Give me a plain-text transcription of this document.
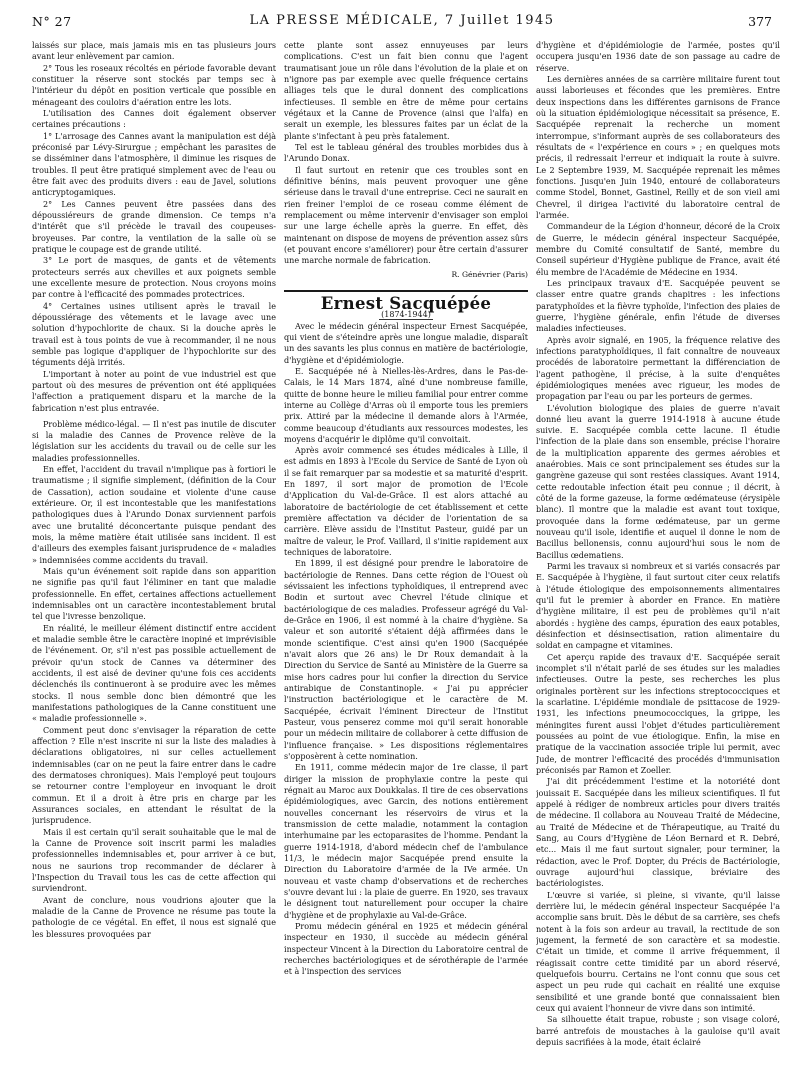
N° 27	LA PRESSE MÉDICALE, 7 Juillet 1945	377

laissés sur place, mais jamais mis en tas plusieurs jours avant leur enlèvement par camion.

2° Tous les roseaux récoltés en période favorable devant constituer la réserve sont stockés par temps sec à l'intérieur du dépôt en position verticale que possible en ménageant des couloirs d'aération entre les lots.

L'utilisation des Cannes doit également observer certaines précautions :

1° L'arrosage des Cannes avant la manipulation est déjà préconisé par Lévy-Sirurgue ; empêchant les parasites de se disséminer dans l'atmosphère, il diminue les risques de troubles. Il peut être pratiqué simplement avec de l'eau ou être fait avec des produits divers : eau de Javel, solutions anticryptogamiques.

2° Les Cannes peuvent être passées dans des dépoussiéreurs de grande dimension. Ce temps n'a d'intérêt que s'il précède le travail des coupeuses-broyeuses. Par contre, la ventilation de la salle où se pratique le coupage est de grande utilité.

3° Le port de masques, de gants et de vêtements protecteurs serrés aux chevilles et aux poignets semble une excellente mesure de protection. Nous croyons moins par contre à l'efficacité des pommades protectrices.

4° Certaines usines utilisent après le travail le dépoussiérage des vêtements et le lavage avec une solution d'hypochlorite de chaux. Si la douche après le travail est à tous points de vue à recommander, il ne nous semble pas logique d'appliquer de l'hypochlorite sur des téguments déjà irrités.

L'important à noter au point de vue industriel est que partout où des mesures de prévention ont été appliquées l'affection a pratiquement disparu et la marche de la fabrication n'est plus entravée.

Problème médico-légal. — Il n'est pas inutile de discuter si la maladie des Cannes de Provence relève de la législation sur les accidents du travail ou de celle sur les maladies professionnelles.

En effet, l'accident du travail n'implique pas à fortiori le traumatisme ; il signifie simplement, (définition de la Cour de Cassation), action soudaine et violente d'une cause extérieure. Or, il est incontestable que les manifestations pathologiques dues à l'Arundo Donax surviennent parfois avec une brutalité déconcertante puisque pendant des mois, la même matière était utilisée sans incident. Il est d'ailleurs des exemples faisant jurisprudence de « maladies » indemnisées comme accidents du travail.

Mais qu'un événement soit rapide dans son apparition ne signifie pas qu'il faut l'éliminer en tant que maladie professionnelle. En effet, certaines affections actuellement indemnisables ont un caractère incontestablement brutal tel que l'ivresse benzolique.

En réalité, le meilleur élément distinctif entre accident et maladie semble être le caractère inopiné et imprévisible de l'événement. Or, s'il n'est pas possible actuellement de prévoir qu'un stock de Cannes va déterminer des accidents, il est aisé de deviner qu'une fois ces accidents déclenchés ils continueront à se produire avec les mêmes stocks. Il nous semble donc bien démontré que les manifestations pathologiques de la Canne constituent une « maladie professionnelle ».

Comment peut donc s'envisager la réparation de cette affection ? Elle n'est inscrite ni sur la liste des maladies à déclarations obligatoires, ni sur celles actuellement indemnisables (car on ne peut la faire entrer dans le cadre des dermatoses chroniques). Mais l'employé peut toujours se retourner contre l'employeur en invoquant le droit commun. Et il a droit à être pris en charge par les Assurances sociales, en attendant le résultat de la jurisprudence.

Mais il est certain qu'il serait souhaitable que le mal de la Canne de Provence soit inscrit parmi les maladies professionnelles indemnisables et, pour arriver à ce but, nous ne saurions trop recommander de déclarer à l'Inspection du Travail tous les cas de cette affection qui surviendront.

Avant de conclure, nous voudrions ajouter que la maladie de la Canne de Provence ne résume pas toute la pathologie de ce végétal. En effet, il nous est signalé que les blessures provoquées par

cette plante sont assez ennuyeuses par leurs complications. C'est un fait bien connu que l'agent traumatisant joue un rôle dans l'évolution de la plaie et on n'ignore pas par exemple avec quelle fréquence certains alliages tels que le dural donnent des complications infectieuses. Il semble en être de même pour certains végétaux et la Canne de Provence (ainsi que l'alfa) en serait un exemple, les blessures faites par un éclat de la plante s'infectant à peu près fatalement.

Tel est le tableau général des troubles morbides dus à l'Arundo Donax.

Il faut surtout en retenir que ces troubles sont en définitive bénins, mais peuvent provoquer une gêne sérieuse dans le travail d'une entreprise. Ceci ne saurait en rien freiner l'emploi de ce roseau comme élément de remplacement ou même intervenir d'envisager son emploi sur une large échelle après la guerre. En effet, dès maintenant on dispose de moyens de prévention assez sûrs (et pouvant encore s'améliorer) pour être certain d'assurer une marche normale de fabrication.

R. Génévrier (Paris)

Ernest Sacquépée

(1874-1944)

Avec le médecin général inspecteur Ernest Sacquépée, qui vient de s'éteindre après une longue maladie, disparaît un des savants les plus connus en matière de bactériologie, d'hygiène et d'épidémiologie.

E. Sacquépée né à Nielles-lès-Ardres, dans le Pas-de-Calais, le 14 Mars 1874, aîné d'une nombreuse famille, quitte de bonne heure le milieu familial pour entrer comme interne au Collège d'Arras où il emporte tous les premiers prix. Attiré par la médecine il demande alors à l'Armée, comme beaucoup d'étudiants aux ressources modestes, les moyens d'acquérir le diplôme qu'il convoitait.

Après avoir commencé ses études médicales à Lille, il est admis en 1893 à l'Ecole du Service de Santé de Lyon où il se fait remarquer par sa modestie et sa maturité d'esprit. En 1897, il sort major de promotion de l'Ecole d'Application du Val-de-Grâce. Il est alors attaché au laboratoire de bactériologie de cet établissement et cette première affectation va décider de l'orientation de sa carrière. Elève assidu de l'Institut Pasteur, guidé par un maître de valeur, le Prof. Vaillard, il s'initie rapidement aux techniques de laboratoire.

En 1899, il est désigné pour prendre le laboratoire de bactériologie de Rennes. Dans cette région de l'Ouest où sévissaient les infections typhoïdiques, il entreprend avec Bodin et surtout avec Chevrel l'étude clinique et bactériologique de ces maladies. Professeur agrégé du Val-de-Grâce en 1906, il est nommé à la chaire d'hygiène. Sa valeur et son autorité s'étaient déjà affirmées dans le monde scientifique. C'est ainsi qu'en 1900 (Sacquépée n'avait alors que 26 ans) le Dr Roux demandait à la Direction du Service de Santé au Ministère de la Guerre sa mise hors cadres pour lui confier la direction du Service antirabique de Constantinople. « J'ai pu apprécier l'instruction bactériologique et le caractère de M. Sacquépée, écrivait l'éminent Directeur de l'Institut Pasteur, vous penserez comme moi qu'il serait honorable pour un médecin militaire de collaborer à cette diffusion de l'influence française. » Les dispositions réglementaires s'opposèrent à cette nomination.

En 1911, comme médecin major de 1re classe, il part diriger la mission de prophylaxie contre la peste qui régnait au Maroc aux Doukkalas. Il tire de ces observations épidémiologiques, avec Garcin, des notions entièrement nouvelles concernant les réservoirs de virus et la transmission de cette maladie, notamment la contagion interhumaine par les ectoparasites de l'homme. Pendant la guerre 1914-1918, d'abord médecin chef de l'ambulance 11/3, le médecin major Sacquépée prend ensuite la Direction du Laboratoire d'armée de la IVe armée. Un nouveau et vaste champ d'observations et de recherches s'ouvre devant lui : la plaie de guerre. En 1920, ses travaux le désignent tout naturellement pour occuper la chaire d'hygiène et de prophylaxie au Val-de-Grâce.

Promu médecin général en 1925 et médecin général inspecteur en 1930, il succède au médecin général inspecteur Vincent à la Direction du Laboratoire central de recherches bactériologiques et de sérothérapie de l'armée et à l'inspection des services

d'hygiène et d'épidémiologie de l'armée, postes qu'il occupera jusqu'en 1936 date de son passage au cadre de réserve.

Les dernières années de sa carrière militaire furent tout aussi laborieuses et fécondes que les premières. Entre deux inspections dans les différentes garnisons de France où la situation épidémiologique nécessitait sa présence, E. Sacquépée reprenait la recherche un moment interrompue, s'informant auprès de ses collaborateurs des résultats de « l'expérience en cours » ; en quelques mots précis, il redressait l'erreur et indiquait la route à suivre. Le 2 Septembre 1939, M. Sacquépée reprenait les mêmes fonctions. Jusqu'en Juin 1940, entouré de collaborateurs comme Stodel, Bonnet, Gastinel, Reilly et de son vieil ami Chevrel, il dirigea l'activité du laboratoire central de l'armée.

Commandeur de la Légion d'honneur, décoré de la Croix de Guerre, le médecin général inspecteur Sacquépée, membre du Comité consultatif de Santé, membre du Conseil supérieur d'Hygiène publique de France, avait été élu membre de l'Académie de Médecine en 1934.

Les principaux travaux d'E. Sacquépée peuvent se classer entre quatre grands chapitres : les infections paratyphoïdes et la fièvre typhoïde, l'infection des plaies de guerre, l'hygiène générale, enfin l'étude de diverses maladies infectieuses.

Après avoir signalé, en 1905, la fréquence relative des infections paratyphoïdiques, il fait connaître de nouveaux procédés de laboratoire permettant la différenciation de l'agent pathogène, il précise, à la suite d'enquêtes épidémiologiques menées avec rigueur, les modes de propagation par l'eau ou par les porteurs de germes.

L'évolution biologique des plaies de guerre n'avait donné lieu avant la guerre 1914-1918 à aucune étude suivie. E. Sacquépée combla cette lacune. Il étudie l'infection de la plaie dans son ensemble, précise l'horaire de la multiplication apparente des germes aérobies et anaérobies. Mais ce sont principalement ses études sur la gangrène gazeuse qui sont restées classiques. Avant 1914, cette redoutable infection était peu connue ; il décrit, à côté de la forme gazeuse, la forme œdémateuse (érysipèle blanc). Il montre que la maladie est avant tout toxique, provoquée dans la forme œdémateuse, par un germe nouveau qu'il isole, identifie et auquel il donne le nom de Bacillus bellonensis, connu aujourd'hui sous le nom de Bacillus œdematiens.

Parmi les travaux si nombreux et si variés consacrés par E. Sacquépée à l'hygiène, il faut surtout citer ceux relatifs à l'étude étiologique des empoisonnements alimentaires qu'il fut le premier à aborder en France. En matière d'hygiène militaire, il est peu de problèmes qu'il n'ait abordés : hygiène des camps, épuration des eaux potables, désinfection et désinsectisation, ration alimentaire du soldat en campagne et vitamines.

Cet aperçu rapide des travaux d'E. Sacquépée serait incomplet s'il n'était parlé de ses études sur les maladies infectieuses. Outre la peste, ses recherches les plus originales portèrent sur les infections streptococciques et la scarlatine. L'épidémie mondiale de psittacose de 1929-1931, les infections pneumococciques, la grippe, les méningites furent aussi l'objet d'études particulièrement poussées au point de vue étiologique. Enfin, la mise en pratique de la vaccination associée triple lui permit, avec Jude, de montrer l'efficacité des procédés d'immunisation préconisés par Ramon et Zoeller.

J'ai dit précédemment l'estime et la notoriété dont jouissait E. Sacquépée dans les milieux scientifiques. Il fut appelé à rédiger de nombreux articles pour divers traités de médecine. Il collabora au Nouveau Traité de Médecine, au Traité de Médecine et de Thérapeutique, au Traité du Sang, au Cours d'Hygiène de Léon Bernard et R. Debré, etc... Mais il me faut surtout signaler, pour terminer, la rédaction, avec le Prof. Dopter, du Précis de Bactériologie, ouvrage aujourd'hui classique, bréviaire des bactériologistes.

L'œuvre si variée, si pleine, si vivante, qu'il laisse derrière lui, le médecin général inspecteur Sacquépée l'a accomplie sans bruit. Dès le début de sa carrière, ses chefs notent à la fois son ardeur au travail, la rectitude de son jugement, la fermeté de son caractère et sa modestie. C'était un timide, et comme il arrive fréquemment, il réagissait contre cette timidité par un abord réservé, quelquefois bourru. Certains ne l'ont connu que sous cet aspect un peu rude qui cachait en réalité une exquise sensibilité et une grande bonté que connaissaient bien ceux qui avaient l'honneur de vivre dans son intimité.

Sa silhouette était trapue, robuste ; son visage coloré, barré antrefois de moustaches à la gauloise qu'il avait depuis sacrifiées à la mode, était éclairé
